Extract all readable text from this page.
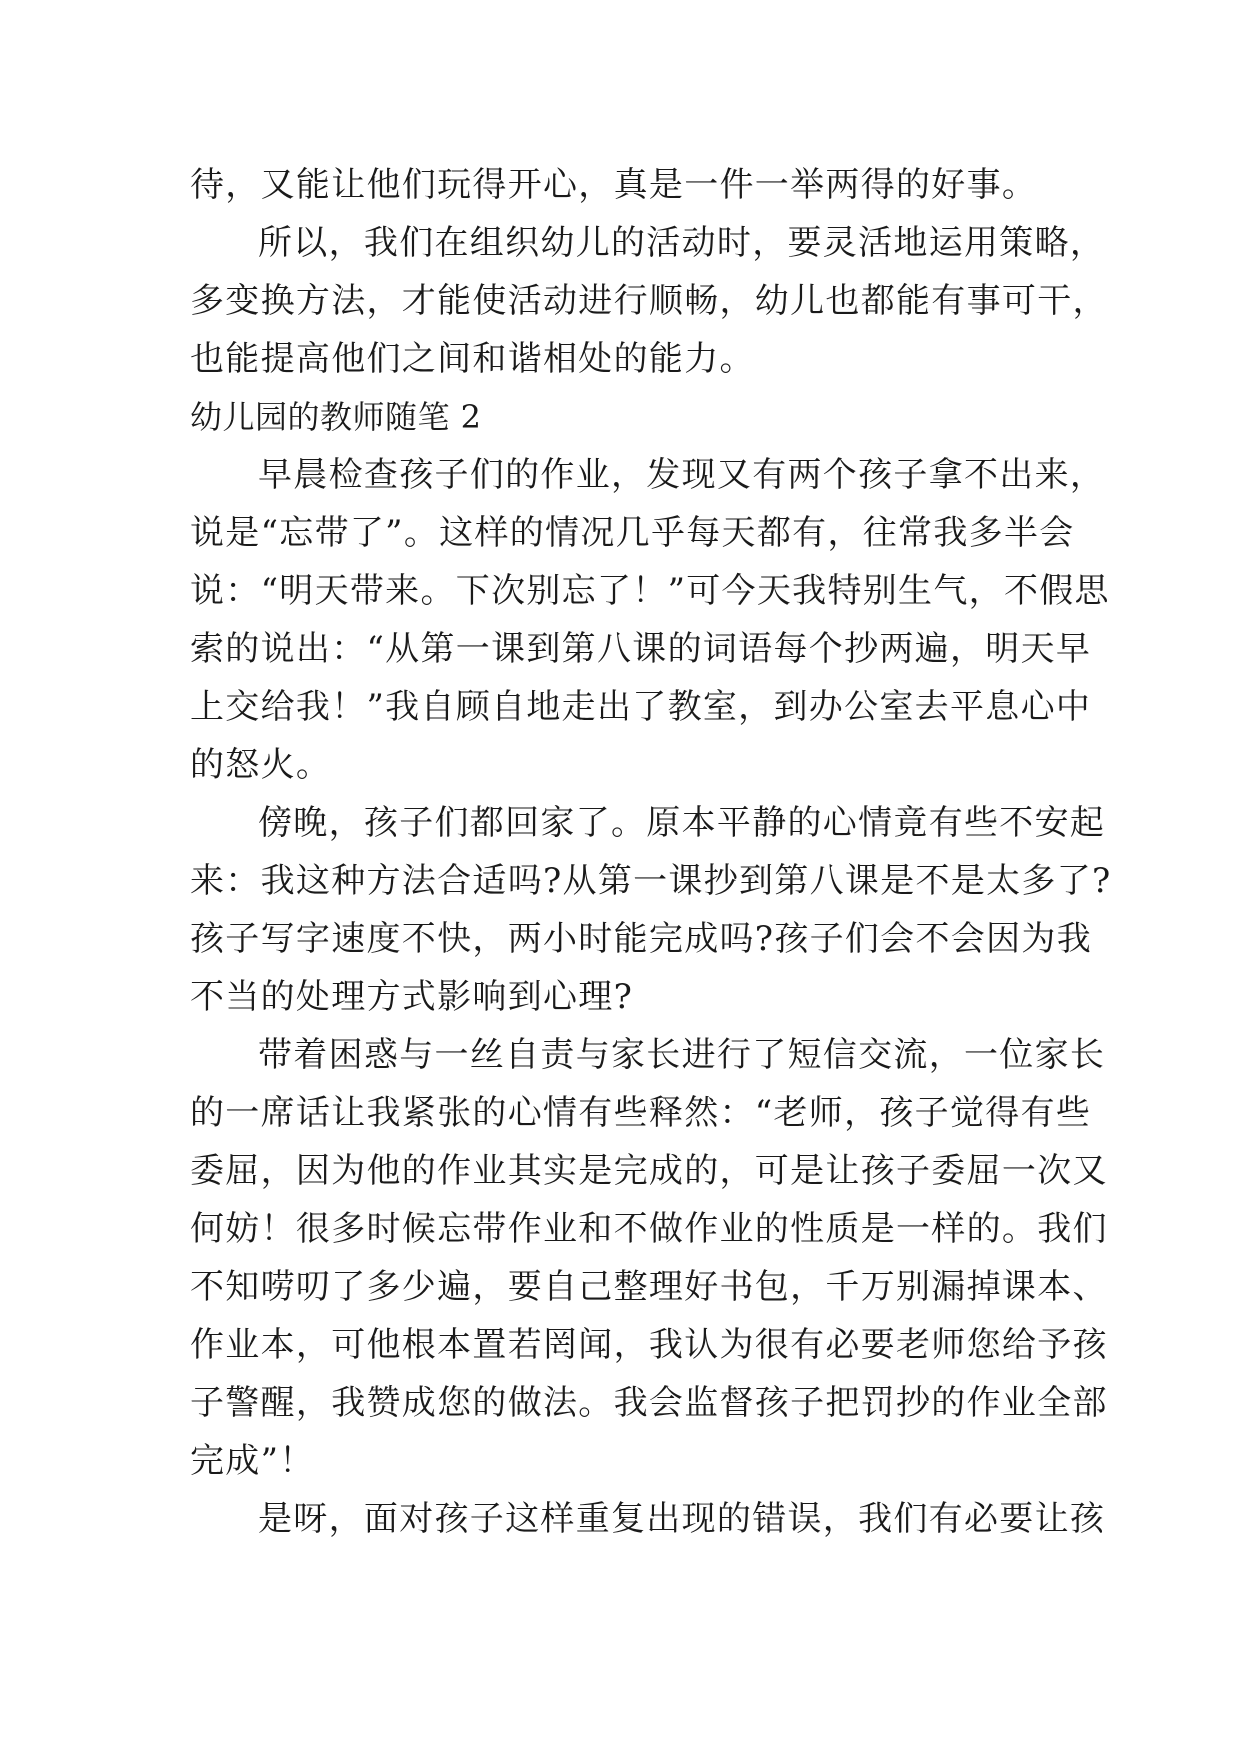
待，又能让他们玩得开心，真是一件一举两得的好事。
所以，我们在组织幼儿的活动时，要灵活地运用策略，
多变换方法，才能使活动进行顺畅，幼儿也都能有事可干，
也能提高他们之间和谐相处的能力。
幼儿园的教师随笔 2
早晨检查孩子们的作业，发现又有两个孩子拿不出来，
说是“忘带了”。这样的情况几乎每天都有，往常我多半会
说：“明天带来。下次别忘了！”可今天我特别生气，不假思
索的说出：“从第一课到第八课的词语每个抄两遍，明天早
上交给我！”我自顾自地走出了教室，到办公室去平息心中
的怒火。
傍晚，孩子们都回家了。原本平静的心情竟有些不安起
来：我这种方法合适吗?从第一课抄到第八课是不是太多了?
孩子写字速度不快，两小时能完成吗?孩子们会不会因为我
不当的处理方式影响到心理?
带着困惑与一丝自责与家长进行了短信交流，一位家长
的一席话让我紧张的心情有些释然：“老师，孩子觉得有些
委屈，因为他的作业其实是完成的，可是让孩子委屈一次又
何妨！很多时候忘带作业和不做作业的性质是一样的。我们
不知唠叨了多少遍，要自己整理好书包，千万别漏掉课本、
作业本，可他根本置若罔闻，我认为很有必要老师您给予孩
子警醒，我赞成您的做法。我会监督孩子把罚抄的作业全部
完成”！
是呀，面对孩子这样重复出现的错误，我们有必要让孩
